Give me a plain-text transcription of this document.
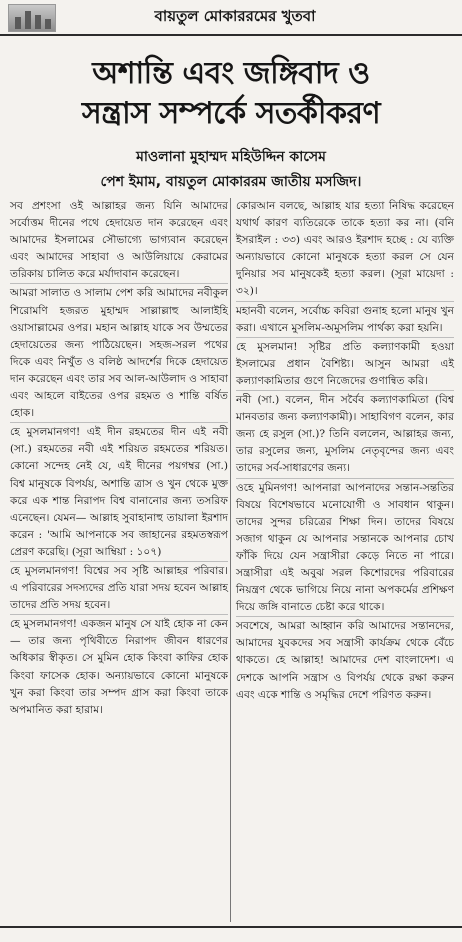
বায়তুল মোকাররমের খুতবা
অশান্তি এবং জঙ্গিবাদ ও
সন্ত্রাস সম্পর্কে সতর্কীকরণ
মাওলানা মুহাম্মদ মহিউদ্দিন কাসেম
পেশ ইমাম, বায়তুল মোকাররম জাতীয় মসজিদ।

সব প্রশংসা ওই আল্লাহর জন্য যিনি আমাদের সর্বোত্তম দীনের পথে হেদায়েত দান করেছেন এবং আমাদের ইসলামের সৌভাগ্যে ভাগ্যবান করেছেন এবং আমাদের সাহাবা ও আউলিয়ায়ে কেরামের তরিকায় চালিত করে মর্যাদাবান করেছেন।

আমরা সালাত ও সালাম পেশ করি আমাদের নবীকুল শিরোমণি হজরত মুহাম্মদ সাল্লাল্লাহু আলাইহি ওয়াসাল্লামের ওপর। মহান আল্লাহ যাকে সব উম্মতের হেদায়েতের জন্য পাঠিয়েছেন। সহজ-সরল পথের দিকে এবং নিখুঁত ও বলিষ্ঠ আদর্শের দিকে হেদায়েত দান করেছেন এবং তার সব আল-আউলাদ ও সাহাবা এবং আহলে বাইতের ওপর রহমত ও শান্তি বর্ষিত হোক।

হে মুসলমানগণ! এই দীন রহমতের দীন এই নবী (সা.) রহমতের নবী এই শরিয়ত রহমতের শরিয়ত। কোনো সন্দেহ নেই যে, এই দীনের পয়গম্বর (সা.) বিশ্ব মানুষকে বিপর্যয়, অশান্তি ত্রাস ও খুন থেকে মুক্ত করে এক শান্ত নিরাপদ বিশ্ব বানানোর জন্য তসরিফ এনেছেন। যেমন— আল্লাহ সুবাহানাহু তায়ালা ইরশাদ করেন : 'আমি আপনাকে সব জাহানের রহমতস্বরূপ প্রেরণ করেছি। (সূরা আম্বিয়া : ১০৭)

হে মুসলমানগণ! বিশ্বের সব সৃষ্টি আল্লাহর পরিবার। এ পরিবারের সদস্যদের প্রতি যারা সদয় হবেন আল্লাহ তাদের প্রতি সদয় হবেন।

হে মুসলমানগণ! একজন মানুষ সে যাই হোক না কেন— তার জন্য পৃথিবীতে নিরাপদ জীবন ধারণের অধিকার স্বীকৃত। সে মুমিন হোক কিংবা কাফির হোক কিংবা ফাসেক হোক। অন্যায়ভাবে কোনো মানুষকে খুন করা কিংবা তার সম্পদ গ্রাস করা কিংবা তাকে অপমানিত করা হারাম।

কোরআন বলছে, আল্লাহ যার হত্যা নিষিদ্ধ করেছেন যথার্থ কারণ ব্যতিরেকে তাকে হত্যা কর না। (বনি ইসরাইল : ৩৩) এবং আরও ইরশাদ হচ্ছে : যে ব্যক্তি অন্যায়ভাবে কোনো মানুষকে হত্যা করল সে যেন দুনিয়ার সব মানুষকেই হত্যা করল। (সূরা মায়েদা : ৩২)।

মহানবী বলেন, সর্বোচ্চ কবিরা গুনাহ হলো মানুষ খুন করা। এখানে মুসলিম-অমুসলিম পার্থক্য করা হয়নি।

হে মুসলমান! সৃষ্টির প্রতি কল্যাণকামী হওয়া ইসলামের প্রধান বৈশিষ্ট্য। আসুন আমরা এই কল্যাণকামিতার গুণে নিজেদের গুণান্বিত করি।

নবী (সা.) বলেন, দীন সর্বৈব কল্যাণকামিতা (বিশ্ব মানবতার জন্য কল্যাণকামী)। সাহাবিগণ বলেন, কার জন্য হে রসুল (সা.)? তিনি বললেন, আল্লাহর জন্য, তার রসুলের জন্য, মুসলিম নেতৃবৃন্দের জন্য এবং তাদের সর্ব-সাধারণের জন্য।

ওহে মুমিনগণ! আপনারা আপনাদের সন্তান-সন্ততির বিষয়ে বিশেষভাবে মনোযোগী ও সাবধান থাকুন। তাদের সুন্দর চরিত্রের শিক্ষা দিন। তাদের বিষয়ে সজাগ থাকুন যে আপনার সন্তানকে আপনার চোখ ফাঁকি দিয়ে যেন সন্ত্রাসীরা কেড়ে নিতে না পারে। সন্ত্রাসীরা এই অবুঝ সরল কিশোরদের পরিবারের নিয়ন্ত্রণ থেকে ভাগিয়ে নিয়ে নানা অপকর্মের প্রশিক্ষণ দিয়ে জঙ্গি বানাতে চেষ্টা করে থাকে।

সবশেষে, আমরা আহ্বান করি আমাদের সন্তানদের, আমাদের যুবকদের সব সন্ত্রাসী কার্যক্রম থেকে বেঁচে থাকতে। হে আল্লাহ! আমাদের দেশ বাংলাদেশ। এ দেশকে আপনি সন্ত্রাস ও বিপর্যয় থেকে রক্ষা করুন এবং একে শান্তি ও সমৃদ্ধির দেশে পরিণত করুন।
